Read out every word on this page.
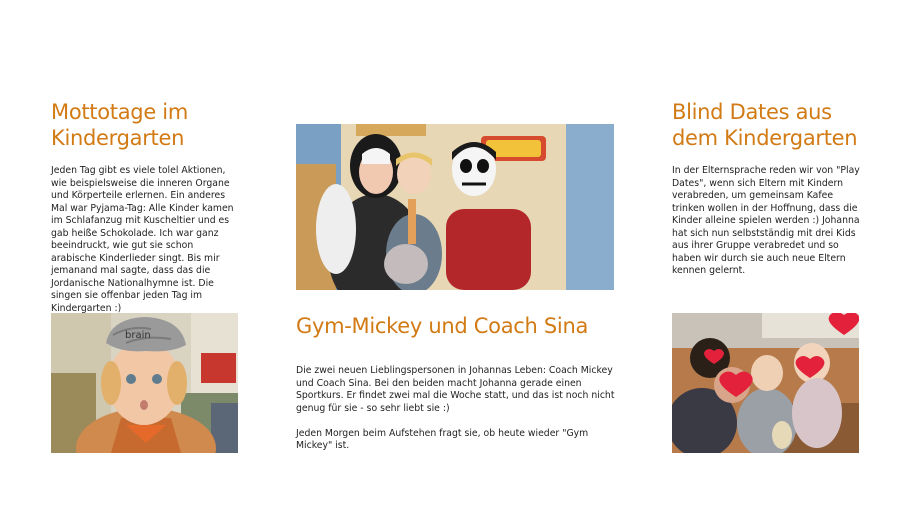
Mottotage im Kindergarten

Jeden Tag gibt es viele tolel Aktionen, wie beispielsweise die inneren Organe und Körperteile erlernen. Ein anderes Mal war Pyjama-Tag: Alle Kinder kamen im Schlafanzug mit Kuscheltier und es gab heiße Schokolade. Ich war ganz beeindruckt, wie gut sie schon arabische Kinderlieder singt. Bis mir jemanand mal sagte, dass das die Jordanische Nationalhymne ist. Die singen sie offenbar jeden Tag im Kindergarten :)

brain	Gym-Mickey und Coach Sina

Die zwei neuen Lieblingspersonen in Johannas Leben: Coach Mickey und Coach Sina. Bei den beiden macht Johanna gerade einen Sportkurs. Er findet zwei mal die Woche statt, und das ist noch nicht genug für sie - so sehr liebt sie :)

Jeden Morgen beim Aufstehen fragt sie, ob heute wieder "Gym Mickey" ist.

Blind Dates aus dem Kindergarten

In der Elternsprache reden wir von "Play Dates", wenn sich Eltern mit Kindern verabreden, um gemeinsam Kafee trinken wollen in der Hoffnung, dass die Kinder alleine spielen werden :) Johanna hat sich nun selbstständig mit drei Kids aus ihrer Gruppe verabredet und so haben wir durch sie auch neue Eltern kennen gelernt.
